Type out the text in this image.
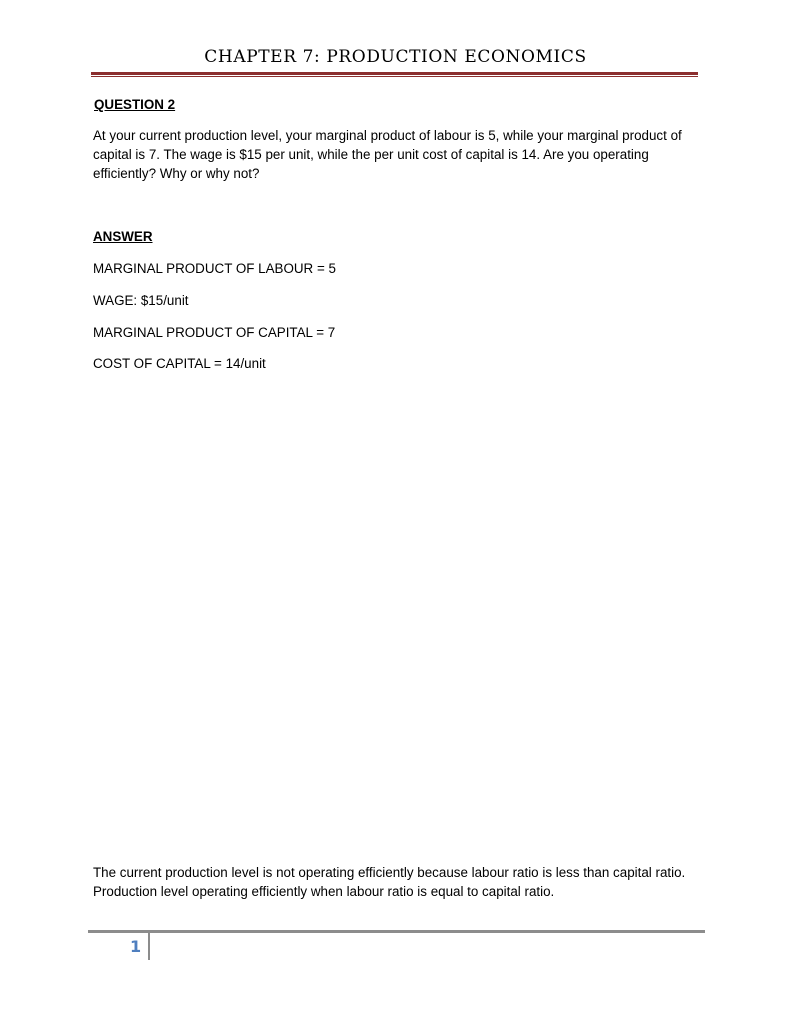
CHAPTER 7: PRODUCTION ECONOMICS
QUESTION 2
At your current production level, your marginal product of labour is 5, while your marginal product of capital is 7. The wage is $15 per unit, while the per unit cost of capital is 14. Are you operating efficiently? Why or why not?
ANSWER
MARGINAL PRODUCT OF LABOUR = 5
WAGE: $15/unit
MARGINAL PRODUCT OF CAPITAL = 7
COST OF CAPITAL = 14/unit
The current production level is not operating efficiently because labour ratio is less than capital ratio. Production level operating efficiently when labour ratio is equal to capital ratio.
1
